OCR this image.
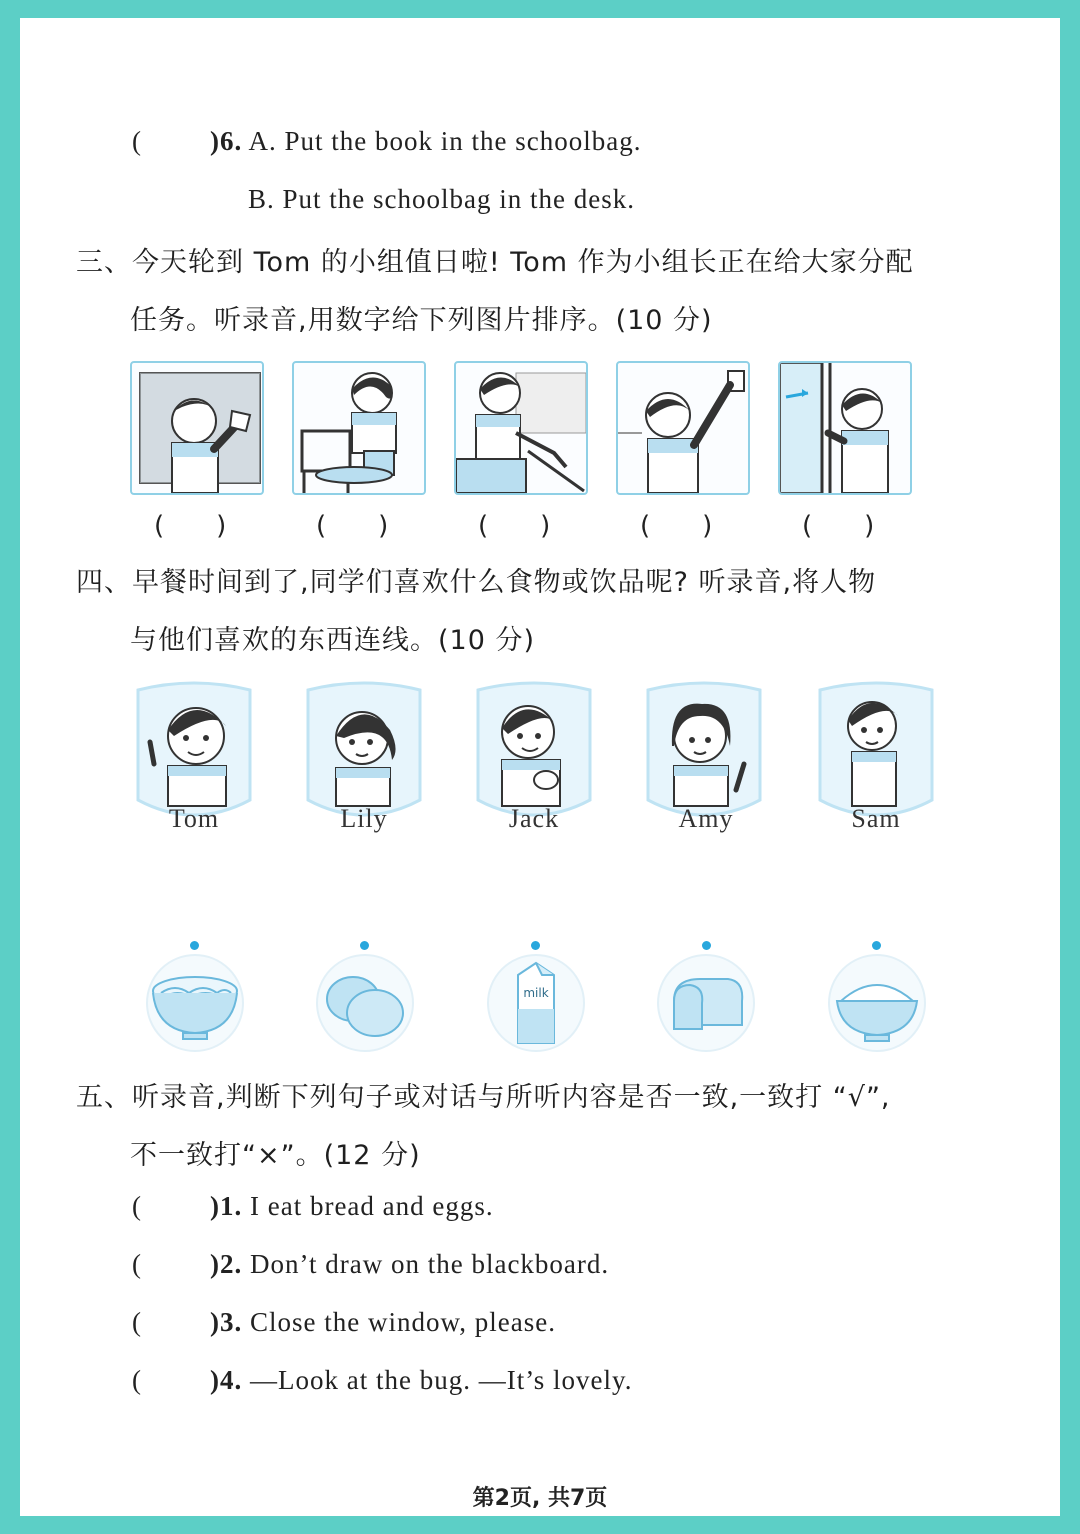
(	)6. A. Put the book in the schoolbag.
B. Put the schoolbag in the desk.
三、今天轮到 Tom 的小组值日啦! Tom 作为小组长正在给大家分配
任务。听录音,用数字给下列图片排序。(10 分)
(　　)	(　　)	(　　)	(　　)	(　　)
四、早餐时间到了,同学们喜欢什么食物或饮品呢? 听录音,将人物
与他们喜欢的东西连线。(10 分)
Tom	Lily	Jack	Amy	Sam
milk
五、听录音,判断下列句子或对话与所听内容是否一致,一致打 “√”,
不一致打“×”。(12 分)
(	)1. I eat bread and eggs.
(	)2. Don’t draw on the blackboard.
(	)3. Close the window, please.
(	)4. —Look at the bug. —It’s lovely.
第2页, 共7页
